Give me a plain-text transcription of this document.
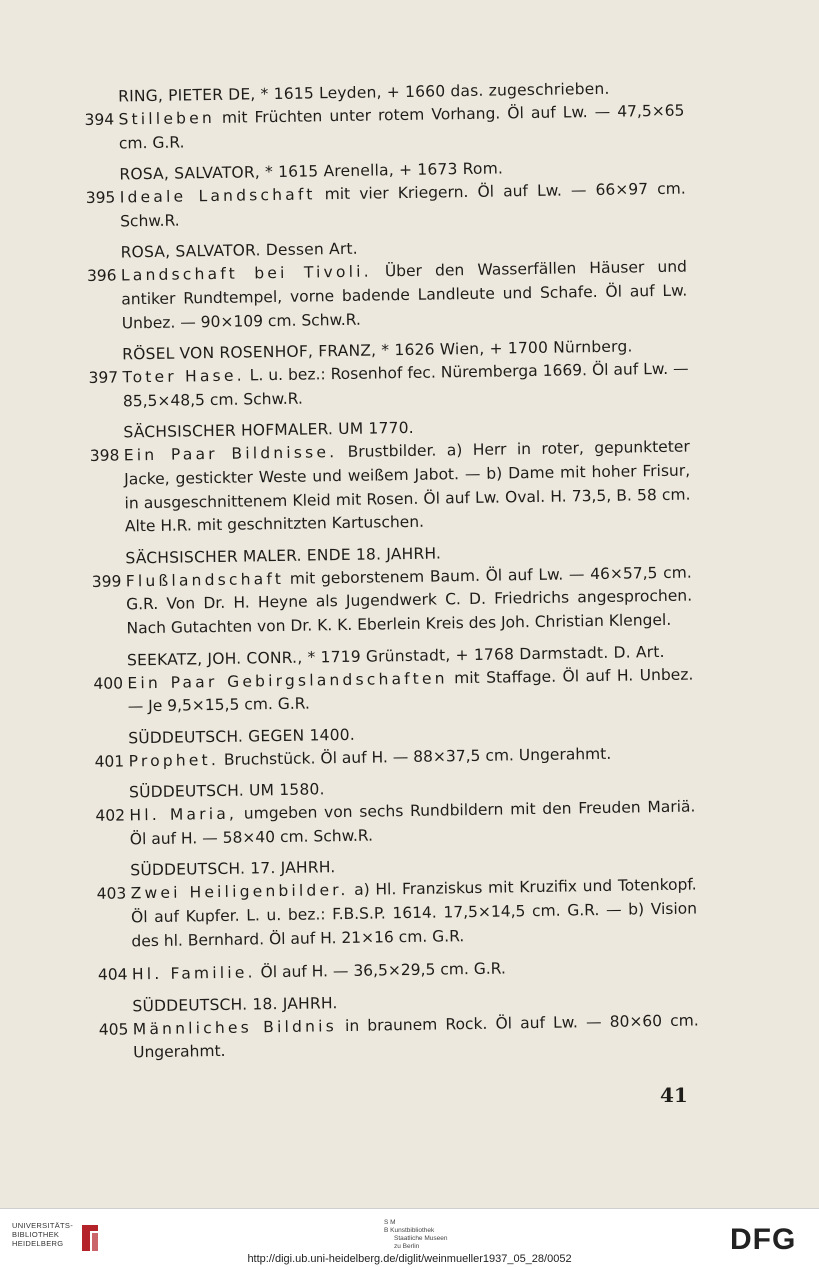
RING, PIETER DE, * 1615 Leyden, + 1660 das. zugeschrieben.
394 Stilleben mit Früchten unter rotem Vorhang. Öl auf Lw. — 47,5×65 cm. G.R.
ROSA, SALVATOR, * 1615 Arenella, + 1673 Rom.
395 Ideale Landschaft mit vier Kriegern. Öl auf Lw. — 66×97 cm. Schw.R.
ROSA, SALVATOR. Dessen Art.
396 Landschaft bei Tivoli. Über den Wasserfällen Häuser und antiker Rundtempel, vorne badende Landleute und Schafe. Öl auf Lw. Unbez. — 90×109 cm. Schw.R.
RÖSEL VON ROSENHOF, FRANZ, * 1626 Wien, + 1700 Nürnberg.
397 Toter Hase. L. u. bez.: Rosenhof fec. Nüremberga 1669. Öl auf Lw. — 85,5×48,5 cm. Schw.R.
SÄCHSISCHER HOFMALER. UM 1770.
398 Ein Paar Bildnisse. Brustbilder. a) Herr in roter, gepunkteter Jacke, gestickter Weste und weißem Jabot. — b) Dame mit hoher Frisur, in ausgeschnittenem Kleid mit Rosen. Öl auf Lw. Oval. H. 73,5, B. 58 cm. Alte H.R. mit geschnitzten Kartuschen.
SÄCHSISCHER MALER. ENDE 18. JAHRH.
399 Flußlandschaft mit geborstenem Baum. Öl auf Lw. — 46×57,5 cm. G.R. Von Dr. H. Heyne als Jugendwerk C. D. Friedrichs angesprochen. Nach Gutachten von Dr. K. K. Eberlein Kreis des Joh. Christian Klengel.
SEEKATZ, JOH. CONR., * 1719 Grünstadt, + 1768 Darmstadt. D. Art.
400 Ein Paar Gebirgslandschaften mit Staffage. Öl auf H. Unbez. — Je 9,5×15,5 cm. G.R.
SÜDDEUTSCH. GEGEN 1400.
401 Prophet. Bruchstück. Öl auf H. — 88×37,5 cm. Ungerahmt.
SÜDDEUTSCH. UM 1580.
402 Hl. Maria, umgeben von sechs Rundbildern mit den Freuden Mariä. Öl auf H. — 58×40 cm. Schw.R.
SÜDDEUTSCH. 17. JAHRH.
403 Zwei Heiligenbilder. a) Hl. Franziskus mit Kruzifix und Totenkopf. Öl auf Kupfer. L. u. bez.: F.B.S.P. 1614. 17,5×14,5 cm. G.R. — b) Vision des hl. Bernhard. Öl auf H. 21×16 cm. G.R.
404 Hl. Familie. Öl auf H. — 36,5×29,5 cm. G.R.
SÜDDEUTSCH. 18. JAHRH.
405 Männliches Bildnis in braunem Rock. Öl auf Lw. — 80×60 cm. Ungerahmt.
41
UNIVERSITÄTS-
BIBLIOTHEK
HEIDELBERG
S M
B Kunstbibliothek
Staatliche Museen
zu Berlin	DFG
http://digi.ub.uni-heidelberg.de/diglit/weinmueller1937_05_28/0052
